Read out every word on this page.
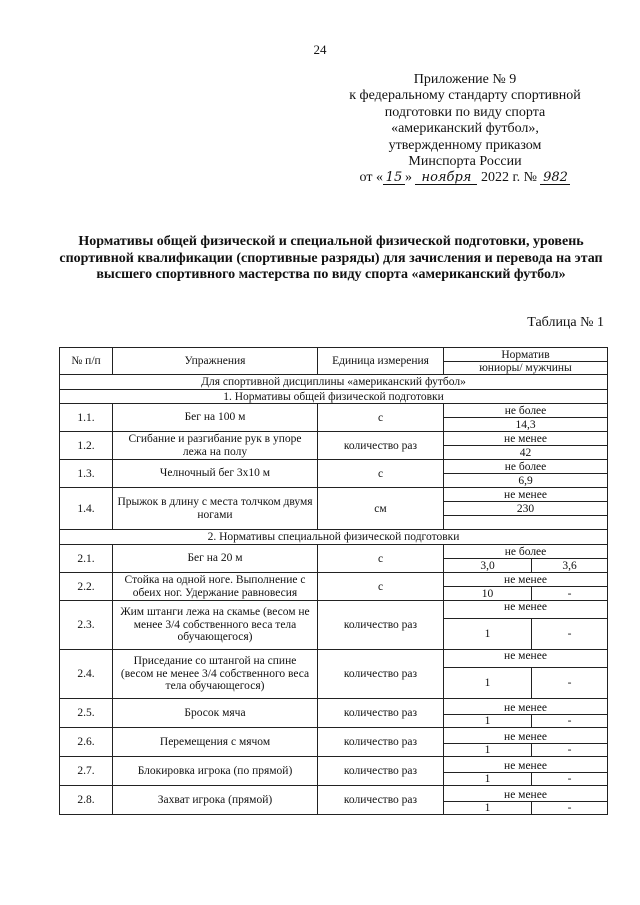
24
Приложение № 9
к федеральному стандарту спортивной
подготовки по виду спорта
«американский футбол»,
утвержденному приказом
Минспорта России
от « 15 » ноября 2022 г. № 982
Нормативы общей физической и специальной физической подготовки, уровень спортивной квалификации (спортивные разряды) для зачисления и перевода на этап высшего спортивного мастерства по виду спорта «американский футбол»
Таблица № 1
№ п/п	Упражнения	Единица измерения	Норматив	
			юниоры/ мужчины	
Для спортивной дисциплины «американский футбол»				
1. Нормативы общей физической подготовки				
1.1.	Бег на 100 м	с	не более	
			14,3	
1.2.	Сгибание и разгибание рук в упоре лежа на полу	количество раз	не менее	
			42	
1.3.	Челночный бег 3x10 м	с	не более	
			6,9	
1.4.	Прыжок в длину с места толчком двумя ногами	см	не менее	
			230	

2. Нормативы специальной физической подготовки				
2.1.	Бег на 20 м	с	не более	
			3,0	3,6
2.2.	Стойка на одной ноге. Выполнение с обеих ног. Удержание равновесия	с	не менее	
			10	-
2.3.	Жим штанги лежа на скамье (весом не менее 3/4 собственного веса тела обучающегося)	количество раз	не менее	
			1	-
2.4.	Приседание со штангой на спине (весом не менее 3/4 собственного веса тела обучающегося)	количество раз	не менее	
			1	-
2.5.	Бросок мяча	количество раз	не менее	
			1	-
2.6.	Перемещения с мячом	количество раз	не менее	
			1	-
2.7.	Блокировка игрока (по прямой)	количество раз	не менее	
			1	-
2.8.	Захват игрока (прямой)	количество раз	не менее	
			1	-
